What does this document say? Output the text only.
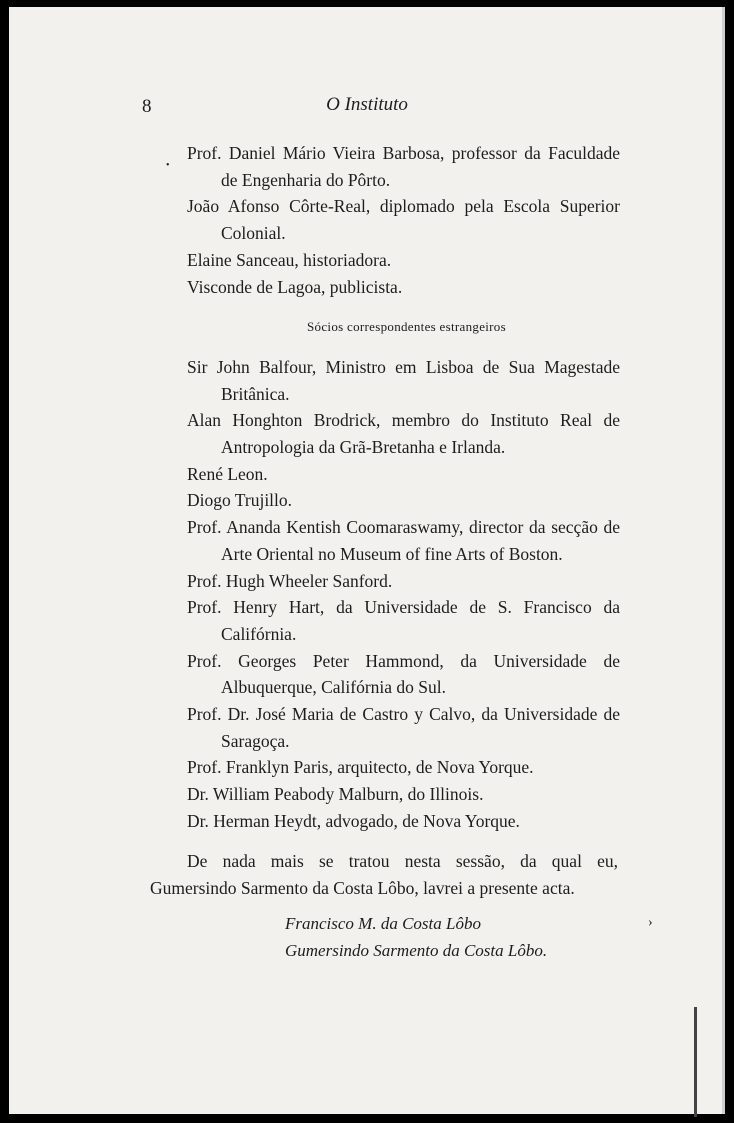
8	O Instituto
Prof. Daniel Mário Vieira Barbosa, professor da Faculdade de Engenharia do Pôrto.
João Afonso Côrte-Real, diplomado pela Escola Superior Colonial.
Elaine Sanceau, historiadora.
Visconde de Lagoa, publicista.
Sócios correspondentes estrangeiros
Sir John Balfour, Ministro em Lisboa de Sua Magestade Britânica.
Alan Honghton Brodrick, membro do Instituto Real de Antropologia da Grã-Bretanha e Irlanda.
René Leon.
Diogo Trujillo.
Prof. Ananda Kentish Coomaraswamy, director da secção de Arte Oriental no Museum of fine Arts of Boston.
Prof. Hugh Wheeler Sanford.
Prof. Henry Hart, da Universidade de S. Francisco da Califórnia.
Prof. Georges Peter Hammond, da Universidade de Albuquerque, Califórnia do Sul.
Prof. Dr. José Maria de Castro y Calvo, da Universidade de Saragoça.
Prof. Franklyn Paris, arquitecto, de Nova Yorque.
Dr. William Peabody Malburn, do Illinois.
Dr. Herman Heydt, advogado, de Nova Yorque.

De nada mais se tratou nesta sessão, da qual eu,

Gumersindo Sarmento da Costa Lôbo, lavrei a presente acta.

Francisco M. da Costa Lôbo
Gumersindo Sarmento da Costa Lôbo.
›
•
